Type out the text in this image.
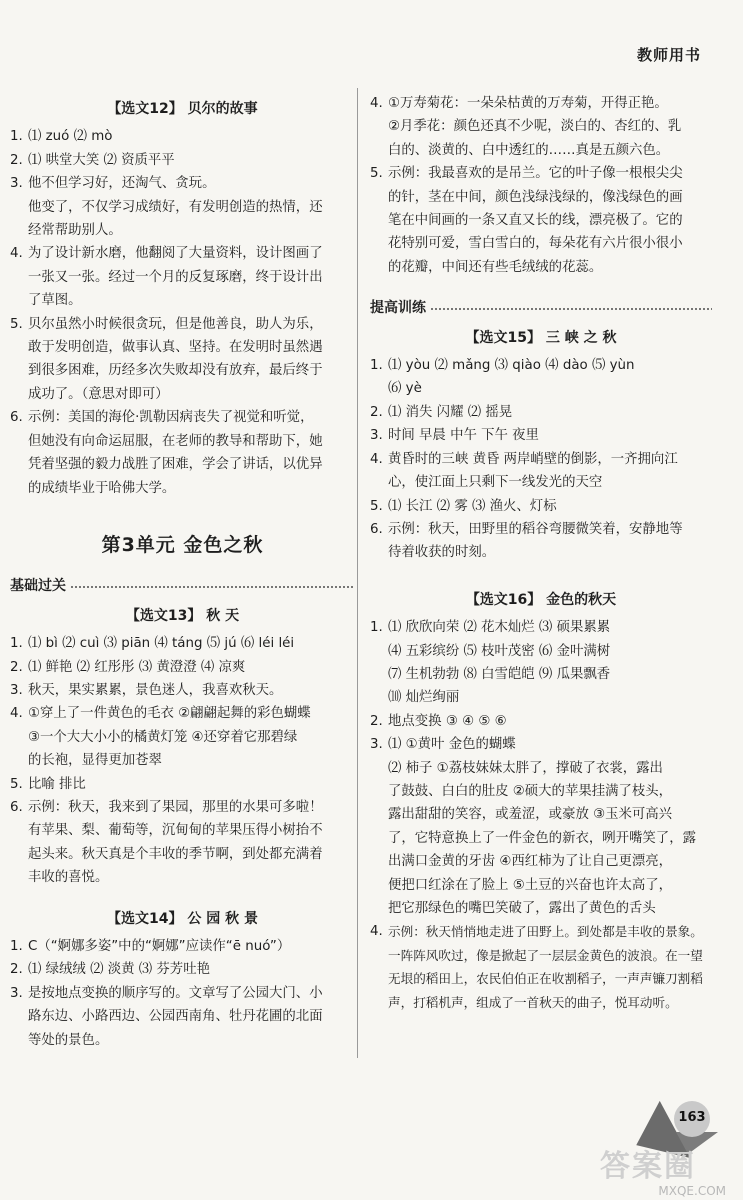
教师用书
【选文12】 贝尔的故事
1. ⑴ zuó ⑵ mò
2. ⑴ 哄堂大笑 ⑵ 资质平平
3. 他不但学习好，还淘气、贪玩。
他变了，不仅学习成绩好，有发明创造的热情，还
经常帮助别人。
4. 为了设计新水磨，他翻阅了大量资料，设计图画了
一张又一张。经过一个月的反复琢磨，终于设计出
了草图。
5. 贝尔虽然小时候很贪玩，但是他善良，助人为乐，
敢于发明创造，做事认真、坚持。在发明时虽然遇
到很多困难，历经多次失败却没有放弃，最后终于
成功了。（意思对即可）
6. 示例：美国的海伦·凯勒因病丧失了视觉和听觉，
但她没有向命运屈服，在老师的教导和帮助下，她
凭着坚强的毅力战胜了困难，学会了讲话，以优异
的成绩毕业于哈佛大学。
第3单元 金色之秋
基础过关
【选文13】 秋 天
1. ⑴ bì ⑵ cuì ⑶ piān ⑷ táng ⑸ jú ⑹ léi léi
2. ⑴ 鲜艳 ⑵ 红彤彤 ⑶ 黄澄澄 ⑷ 凉爽
3. 秋天，果实累累，景色迷人，我喜欢秋天。
4. ①穿上了一件黄色的毛衣 ②翩翩起舞的彩色蝴蝶
③一个大大小小的橘黄灯笼 ④还穿着它那碧绿
的长袍，显得更加苍翠
5. 比喻 排比
6. 示例：秋天，我来到了果园，那里的水果可多啦！
有苹果、梨、葡萄等，沉甸甸的苹果压得小树抬不
起头来。秋天真是个丰收的季节啊，到处都充满着
丰收的喜悦。
【选文14】 公 园 秋 景
1. C（“婀娜多姿”中的“婀娜”应读作“ē nuó”）
2. ⑴ 绿绒绒 ⑵ 淡黄 ⑶ 芬芳吐艳
3. 是按地点变换的顺序写的。文章写了公园大门、小
路东边、小路西边、公园西南角、牡丹花圃的北面
等处的景色。
4. ①万寿菊花：一朵朵枯黄的万寿菊，开得正艳。
②月季花：颜色还真不少呢，淡白的、杏红的、乳
白的、淡黄的、白中透红的……真是五颜六色。
5. 示例：我最喜欢的是吊兰。它的叶子像一根根尖尖
的针，茎在中间，颜色浅绿浅绿的，像浅绿色的画
笔在中间画的一条又直又长的线，漂亮极了。它的
花特别可爱，雪白雪白的，每朵花有六片很小很小
的花瓣，中间还有些毛绒绒的花蕊。
提高训练
【选文15】 三 峡 之 秋
1. ⑴ yòu ⑵ mǎng ⑶ qiào ⑷ dào ⑸ yùn
⑹ yè
2. ⑴ 消失 闪耀 ⑵ 摇晃
3. 时间 早晨 中午 下午 夜里
4. 黄昏时的三峡 黄昏 两岸峭壁的倒影，一齐拥向江
心，使江面上只剩下一线发光的天空
5. ⑴ 长江 ⑵ 雾 ⑶ 渔火、灯标
6. 示例：秋天，田野里的稻谷弯腰微笑着，安静地等
待着收获的时刻。
【选文16】 金色的秋天
1. ⑴ 欣欣向荣 ⑵ 花木灿烂 ⑶ 硕果累累
⑷ 五彩缤纷 ⑸ 枝叶茂密 ⑹ 金叶满树
⑺ 生机勃勃 ⑻ 白雪皑皑 ⑼ 瓜果飘香
⑽ 灿烂绚丽
2. 地点变换 ③ ④ ⑤ ⑥
3. ⑴ ①黄叶 金色的蝴蝶
⑵ 柿子 ①荔枝妹妹太胖了，撑破了衣裳，露出
了鼓鼓、白白的肚皮 ②硕大的苹果挂满了枝头，
露出甜甜的笑容，或羞涩，或豪放 ③玉米可高兴
了，它特意换上了一件金色的新衣，咧开嘴笑了，露
出满口金黄的牙齿 ④西红柿为了让自己更漂亮，
便把口红涂在了脸上 ⑤土豆的兴奋也许太高了，
把它那绿色的嘴巴笑破了，露出了黄色的舌头
4. 示例：秋天悄悄地走进了田野上。到处都是丰收的景象。
一阵阵风吹过，像是掀起了一层层金黄色的波浪。在一望
无垠的稻田上，农民伯伯正在收割稻子，一声声镰刀割稻
声，打稻机声，组成了一首秋天的曲子，悦耳动听。
163
答案圈
MXQE.COM
